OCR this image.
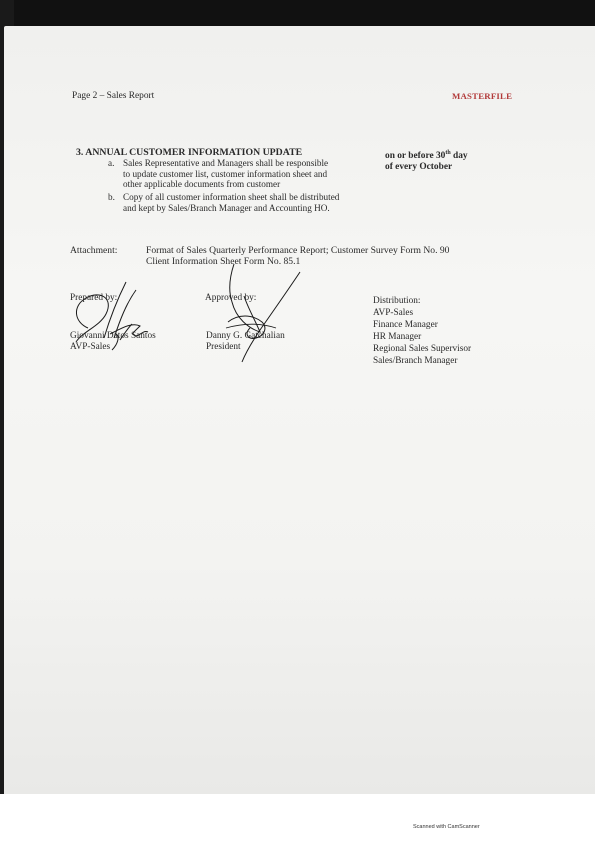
Page 2 – Sales Report	MASTERFILE
3. ANNUAL CUSTOMER INFORMATION UPDATE	on or before 30th day
of every October
a. Sales Representative and Managers shall be responsible
to update customer list, customer information sheet and
other applicable documents from customer
b. Copy of all customer information sheet shall be distributed
and kept by Sales/Branch Manager and Accounting HO.
Attachment:	Format of Sales Quarterly Performance Report; Customer Survey Form No. 90
Client Information Sheet Form No. 85.1
Prepared by:
Giovanni Datos Santos
AVP-Sales
Approved by:
Danny G. Gatchalian
President
Distribution:
AVP-Sales
Finance Manager
HR Manager
Regional Sales Supervisor
Sales/Branch Manager
Scanned with CamScanner
